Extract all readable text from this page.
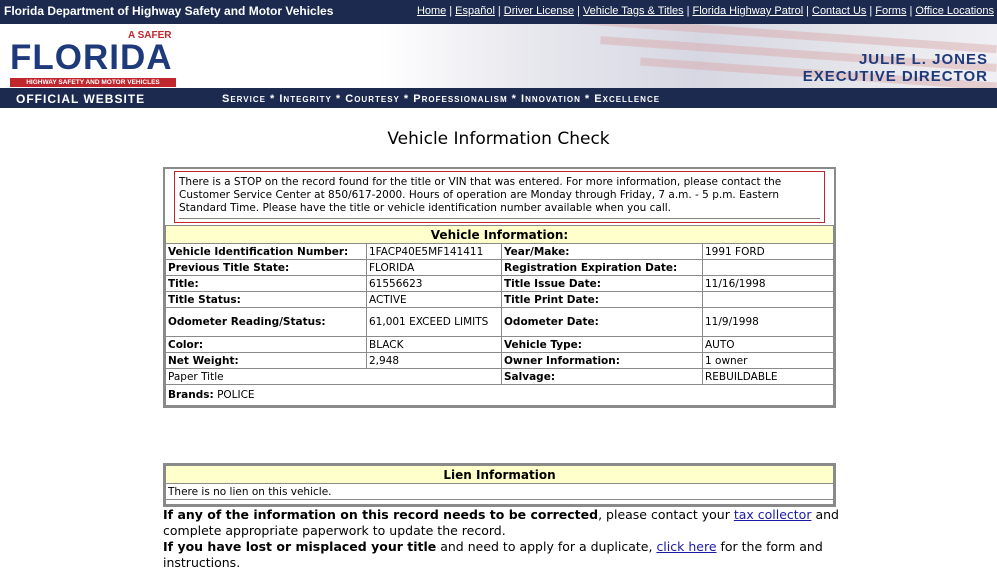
Florida Department of Highway Safety and Motor Vehicles	Home | Español | Driver License | Vehicle Tags & Titles | Florida Highway Patrol | Contact Us | Forms | Office Locations
A SAFER
FLORIDA
HIGHWAY SAFETY AND MOTOR VEHICLES
JULIE L. JONES
EXECUTIVE DIRECTOR
OFFICIAL WEBSITE	Service * Integrity * Courtesy * Professionalism * Innovation * Excellence
Vehicle Information Check
There is a STOP on the record found for the title or VIN that was entered. For more information, please contact the Customer Service Center at 850/617-2000. Hours of operation are Monday through Friday, 7 a.m. - 5 p.m. Eastern Standard Time. Please have the title or vehicle identification number available when you call.
Vehicle Information:			
Vehicle Identification Number:	1FACP40E5MF141411	Year/Make:	1991 FORD
Previous Title State:	FLORIDA	Registration Expiration Date:	
Title:	61556623	Title Issue Date:	11/16/1998
Title Status:	ACTIVE	Title Print Date:	
Odometer Reading/Status:	61,001 EXCEED LIMITS	Odometer Date:	11/9/1998
Color:	BLACK	Vehicle Type:	AUTO
Net Weight:	2,948	Owner Information:	1 owner
Paper Title		Salvage:	REBUILDABLE
Brands: POLICE			
Lien Information
There is no lien on this vehicle.

If any of the information on this record needs to be corrected, please contact your tax collector and complete appropriate paperwork to update the record.
If you have lost or misplaced your title and need to apply for a duplicate, click here for the form and instructions.
